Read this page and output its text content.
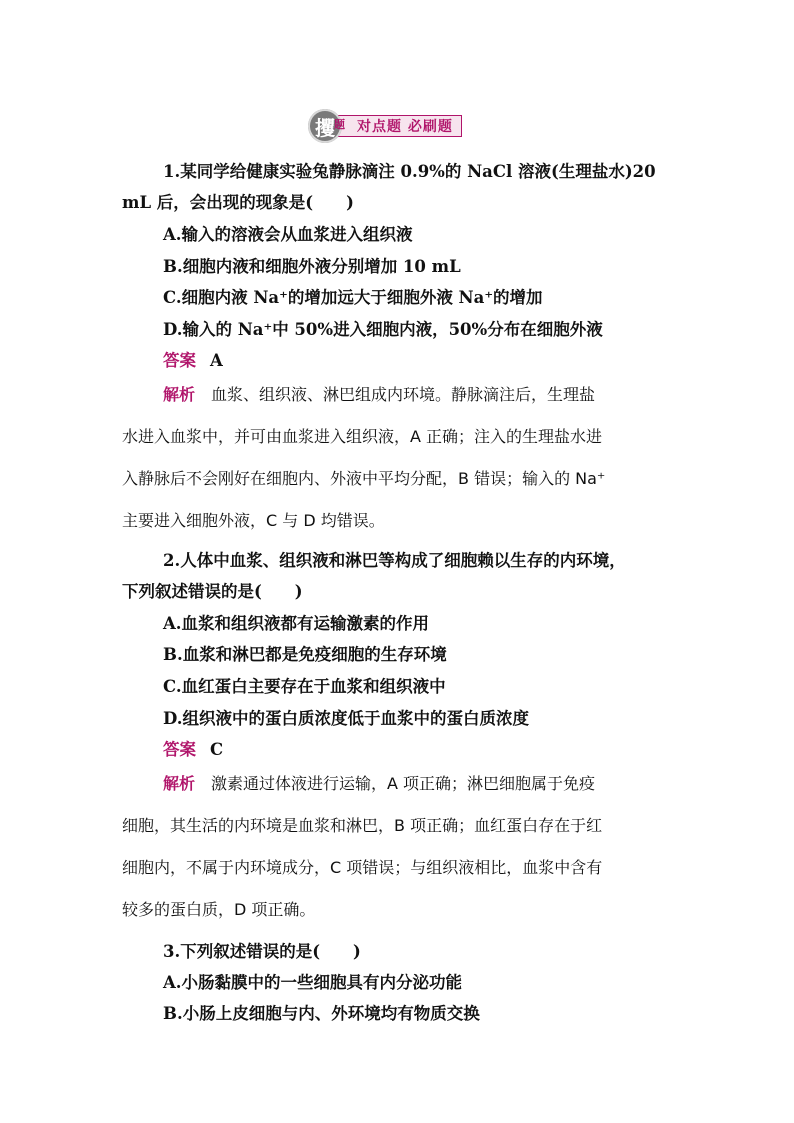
攫 题 对点题 必刷题
1.某同学给健康实验兔静脉滴注 0.9%的 NaCl 溶液(生理盐水)20
mL 后，会出现的现象是(　　)
A.输入的溶液会从血浆进入组织液
B.细胞内液和细胞外液分别增加 10 mL
C.细胞内液 Na⁺的增加远大于细胞外液 Na⁺的增加
D.输入的 Na⁺中 50%进入细胞内液，50%分布在细胞外液
答案 A
解析 血浆、组织液、淋巴组成内环境。静脉滴注后，生理盐
水进入血浆中，并可由血浆进入组织液，A 正确；注入的生理盐水进
入静脉后不会刚好在细胞内、外液中平均分配，B 错误；输入的 Na⁺
主要进入细胞外液，C 与 D 均错误。
2.人体中血浆、组织液和淋巴等构成了细胞赖以生存的内环境，
下列叙述错误的是(　　)
A.血浆和组织液都有运输激素的作用
B.血浆和淋巴都是免疫细胞的生存环境
C.血红蛋白主要存在于血浆和组织液中
D.组织液中的蛋白质浓度低于血浆中的蛋白质浓度
答案 C
解析 激素通过体液进行运输，A 项正确；淋巴细胞属于免疫
细胞，其生活的内环境是血浆和淋巴，B 项正确；血红蛋白存在于红
细胞内，不属于内环境成分，C 项错误；与组织液相比，血浆中含有
较多的蛋白质，D 项正确。
3.下列叙述错误的是(　　)
A.小肠黏膜中的一些细胞具有内分泌功能
B.小肠上皮细胞与内、外环境均有物质交换
